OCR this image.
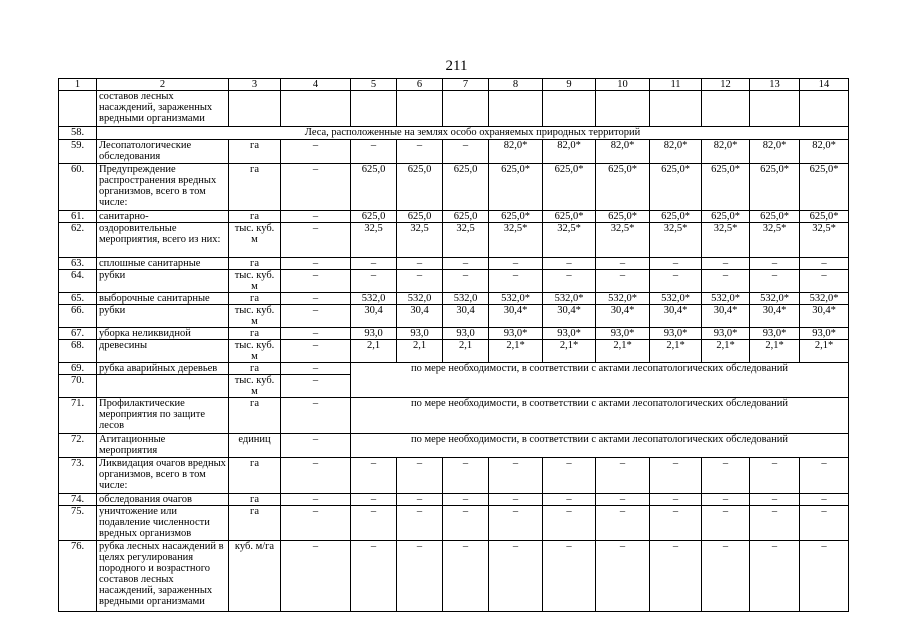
211
1	2	3	4	5	6	7	8	9	10	11	12	13	14
	составов лесных насаждений, зараженных вредными организмами												
58.	Леса, расположенные на землях особо охраняемых природных территорий												
59.	Лесопатологические обследования	га	–	–	–	–	82,0*	82,0*	82,0*	82,0*	82,0*	82,0*	82,0*
60.	Предупреждение распространения вредных организмов, всего в том числе:	га	–	625,0	625,0	625,0	625,0*	625,0*	625,0*	625,0*	625,0*	625,0*	625,0*
61.	санитарно-	га	–	625,0	625,0	625,0	625,0*	625,0*	625,0*	625,0*	625,0*	625,0*	625,0*
62.	оздоровительные мероприятия, всего из них:	тыс. куб. м	–	32,5	32,5	32,5	32,5*	32,5*	32,5*	32,5*	32,5*	32,5*	32,5*
63.	сплошные санитарные	га	–	–	–	–	–	–	–	–	–	–	–
64.	рубки	тыс. куб. м	–	–	–	–	–	–	–	–	–	–	–
65.	выборочные санитарные	га	–	532,0	532,0	532,0	532,0*	532,0*	532,0*	532,0*	532,0*	532,0*	532,0*
66.	рубки	тыс. куб. м	–	30,4	30,4	30,4	30,4*	30,4*	30,4*	30,4*	30,4*	30,4*	30,4*
67.	уборка неликвидной	га	–	93,0	93,0	93,0	93,0*	93,0*	93,0*	93,0*	93,0*	93,0*	93,0*
68.	древесины	тыс. куб. м	–	2,1	2,1	2,1	2,1*	2,1*	2,1*	2,1*	2,1*	2,1*	2,1*
69.	рубка аварийных деревьев	га	–	по мере необходимости, в соответствии с актами лесопатологических обследований									
70.		тыс. куб. м	–										
71.	Профилактические мероприятия по защите лесов	га	–	по мере необходимости, в соответствии с актами лесопатологических обследований									
72.	Агитационные мероприятия	единиц	–	по мере необходимости, в соответствии с актами лесопатологических обследований									
73.	Ликвидация очагов вредных организмов, всего в том числе:	га	–	–	–	–	–	–	–	–	–	–	–
74.	обследования очагов	га	–	–	–	–	–	–	–	–	–	–	–
75.	уничтожение или подавление численности вредных организмов	га	–	–	–	–	–	–	–	–	–	–	–
76.	рубка лесных насаждений в целях регулирования породного и возрастного составов лесных насаждений, зараженных вредными организмами	куб. м/га	–	–	–	–	–	–	–	–	–	–	–
